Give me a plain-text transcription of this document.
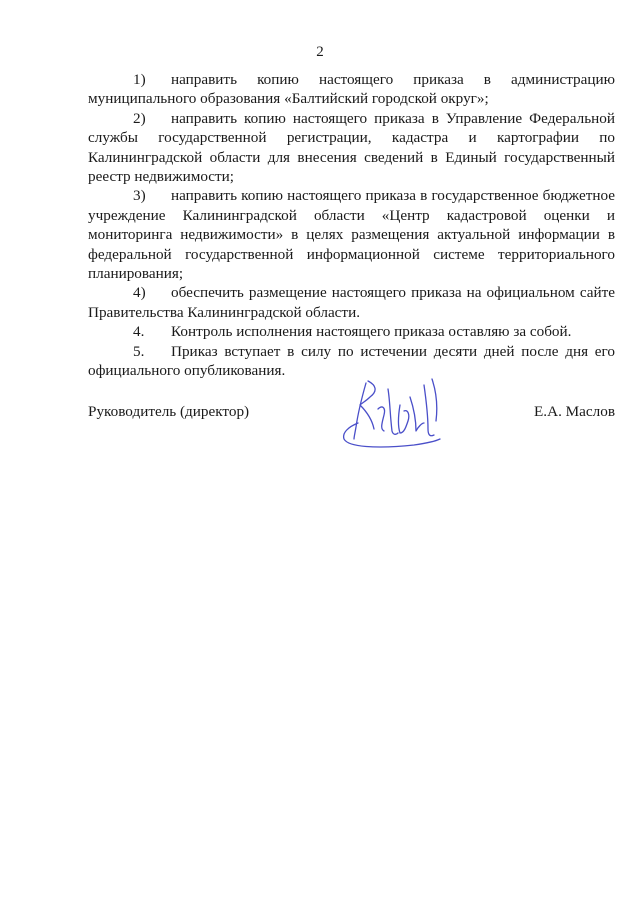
2

1) направить копию настоящего приказа в администрацию муниципального образования «Балтийский городской округ»;

2) направить копию настоящего приказа в Управление Федеральной службы государственной регистрации, кадастра и картографии по Калининградской области для внесения сведений в Единый государственный реестр недвижимости;

3) направить копию настоящего приказа в государственное бюджетное учреждение Калининградской области «Центр кадастровой оценки и мониторинга недвижимости» в целях размещения актуальной информации в федеральной государственной информационной системе территориального планирования;

4) обеспечить размещение настоящего приказа на официальном сайте Правительства Калининградской области.

4. Контроль исполнения настоящего приказа оставляю за собой.

5. Приказ вступает в силу по истечении десяти дней после дня его официального опубликования.

Руководитель (директор)	Е.А. Маслов
